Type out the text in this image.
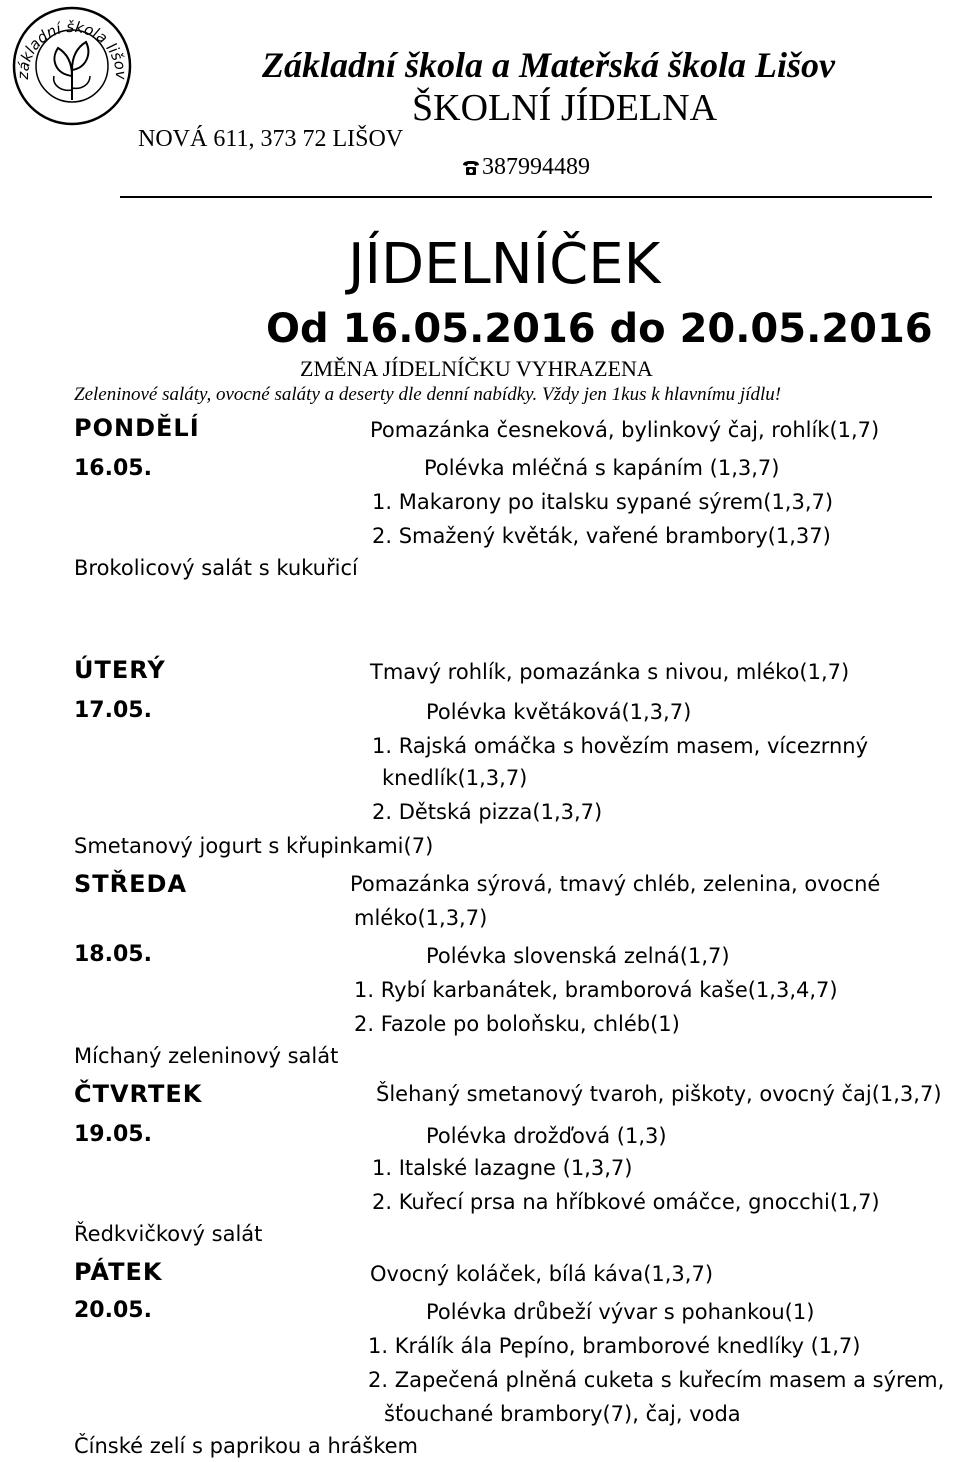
základní škola lišov	Základní škola a Mateřská škola Lišov
ŠKOLNÍ JÍDELNA
NOVÁ 611, 373 72 LIŠOV
387994489
JÍDELNÍČEK
Od 16.05.2016 do 20.05.2016
ZMĚNA JÍDELNÍČKU VYHRAZENA
Zeleninové saláty, ovocné saláty a deserty dle denní nabídky. Vždy jen 1kus k hlavnímu jídlu!
PONDĚLÍ	Pomazánka česneková, bylinkový čaj, rohlík(1,7)
16.05.	Polévka mléčná s kapáním (1,3,7)
1. Makarony po italsku sypané sýrem(1,3,7)
2. Smažený květák, vařené brambory(1,37)
Brokolicový salát s kukuřicí
ÚTERÝ	Tmavý rohlík, pomazánka s nivou, mléko(1,7)
17.05.	Polévka květáková(1,3,7)
1. Rajská omáčka s hovězím masem, vícezrnný
knedlík(1,3,7)
2. Dětská pizza(1,3,7)
Smetanový jogurt s křupinkami(7)
STŘEDA	Pomazánka sýrová, tmavý chléb, zelenina, ovocné
mléko(1,3,7)
18.05.	Polévka slovenská zelná(1,7)
1. Rybí karbanátek, bramborová kaše(1,3,4,7)
2. Fazole po boloňsku, chléb(1)
Míchaný zeleninový salát
ČTVRTEK	Šlehaný smetanový tvaroh, piškoty, ovocný čaj(1,3,7)
19.05.	Polévka drožďová (1,3)
1. Italské lazagne (1,3,7)
2. Kuřecí prsa na hříbkové omáčce, gnocchi(1,7)
Ředkvičkový salát
PÁTEK	Ovocný koláček, bílá káva(1,3,7)
20.05.	Polévka drůbeží vývar s pohankou(1)
1. Králík ála Pepíno, bramborové knedlíky (1,7)
2. Zapečená plněná cuketa s kuřecím masem a sýrem,
šťouchané brambory(7), čaj, voda
Čínské zelí s paprikou a hráškem
